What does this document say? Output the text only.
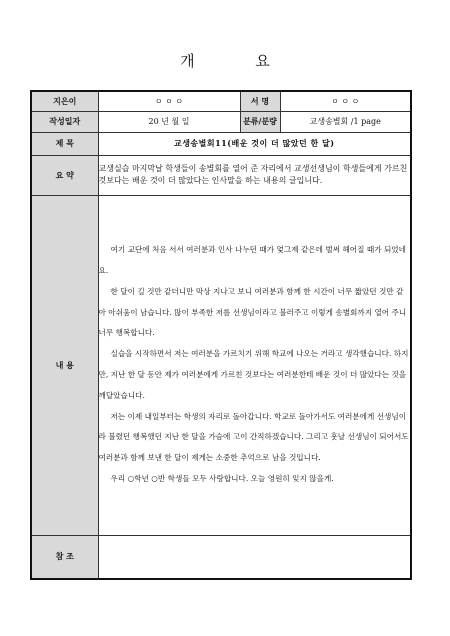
개 요
지은이	ㅇ ㅇ ㅇ	서 명	ㅇ ㅇ ㅇ
작성일자	20 년 월 일	분류/분량	교생송별회 /1 page
제 목	교생송별회11(배운 것이 더 많았던 한 달)		
요 약	교생실습 마지막날 학생들이 송별회를 열어 준 자리에서 교생선생님이 학생들에게 가르친 것보다는 배운 것이 더 많았다는 인사말을 하는 내용의 글입니다.		
내 용	여기 교단에 처음 서서 여러분과 인사 나누던 때가 엊그제 같은데 벌써 헤어질 때가 되었네요.

한 달이 길 것만 같더니만 막상 지나고 보니 여러분과 함께 한 시간이 너무 짧았던 것만 같아 아쉬움이 남습니다. 많이 부족한 저를 선생님이라고 불러주고 이렇게 송별회까지 열어 주니 너무 행복합니다.

실습을 시작하면서 저는 여러분을 가르치기 위해 학교에 나오는 거라고 생각했습니다. 하지만, 지난 한 달 동안 제가 여러분에게 가르친 것보다는 여러분한테 배운 것이 더 많았다는 것을 깨달았습니다.

저는 이제 내일부터는 학생의 자리로 돌아갑니다. 학교로 돌아가서도 여러분에게 선생님이라 불렸던 행복했던 지난 한 달을 가슴에 고이 간직하겠습니다. 그리고 훗날 선생님이 되어서도 여러분과 함께 보낸 한 달이 제게는 소중한 추억으로 남을 것입니다.

우리 ○학년 ○반 학생들 모두 사랑합니다. 오늘 영원히 잊지 않을게.		

참 조			
